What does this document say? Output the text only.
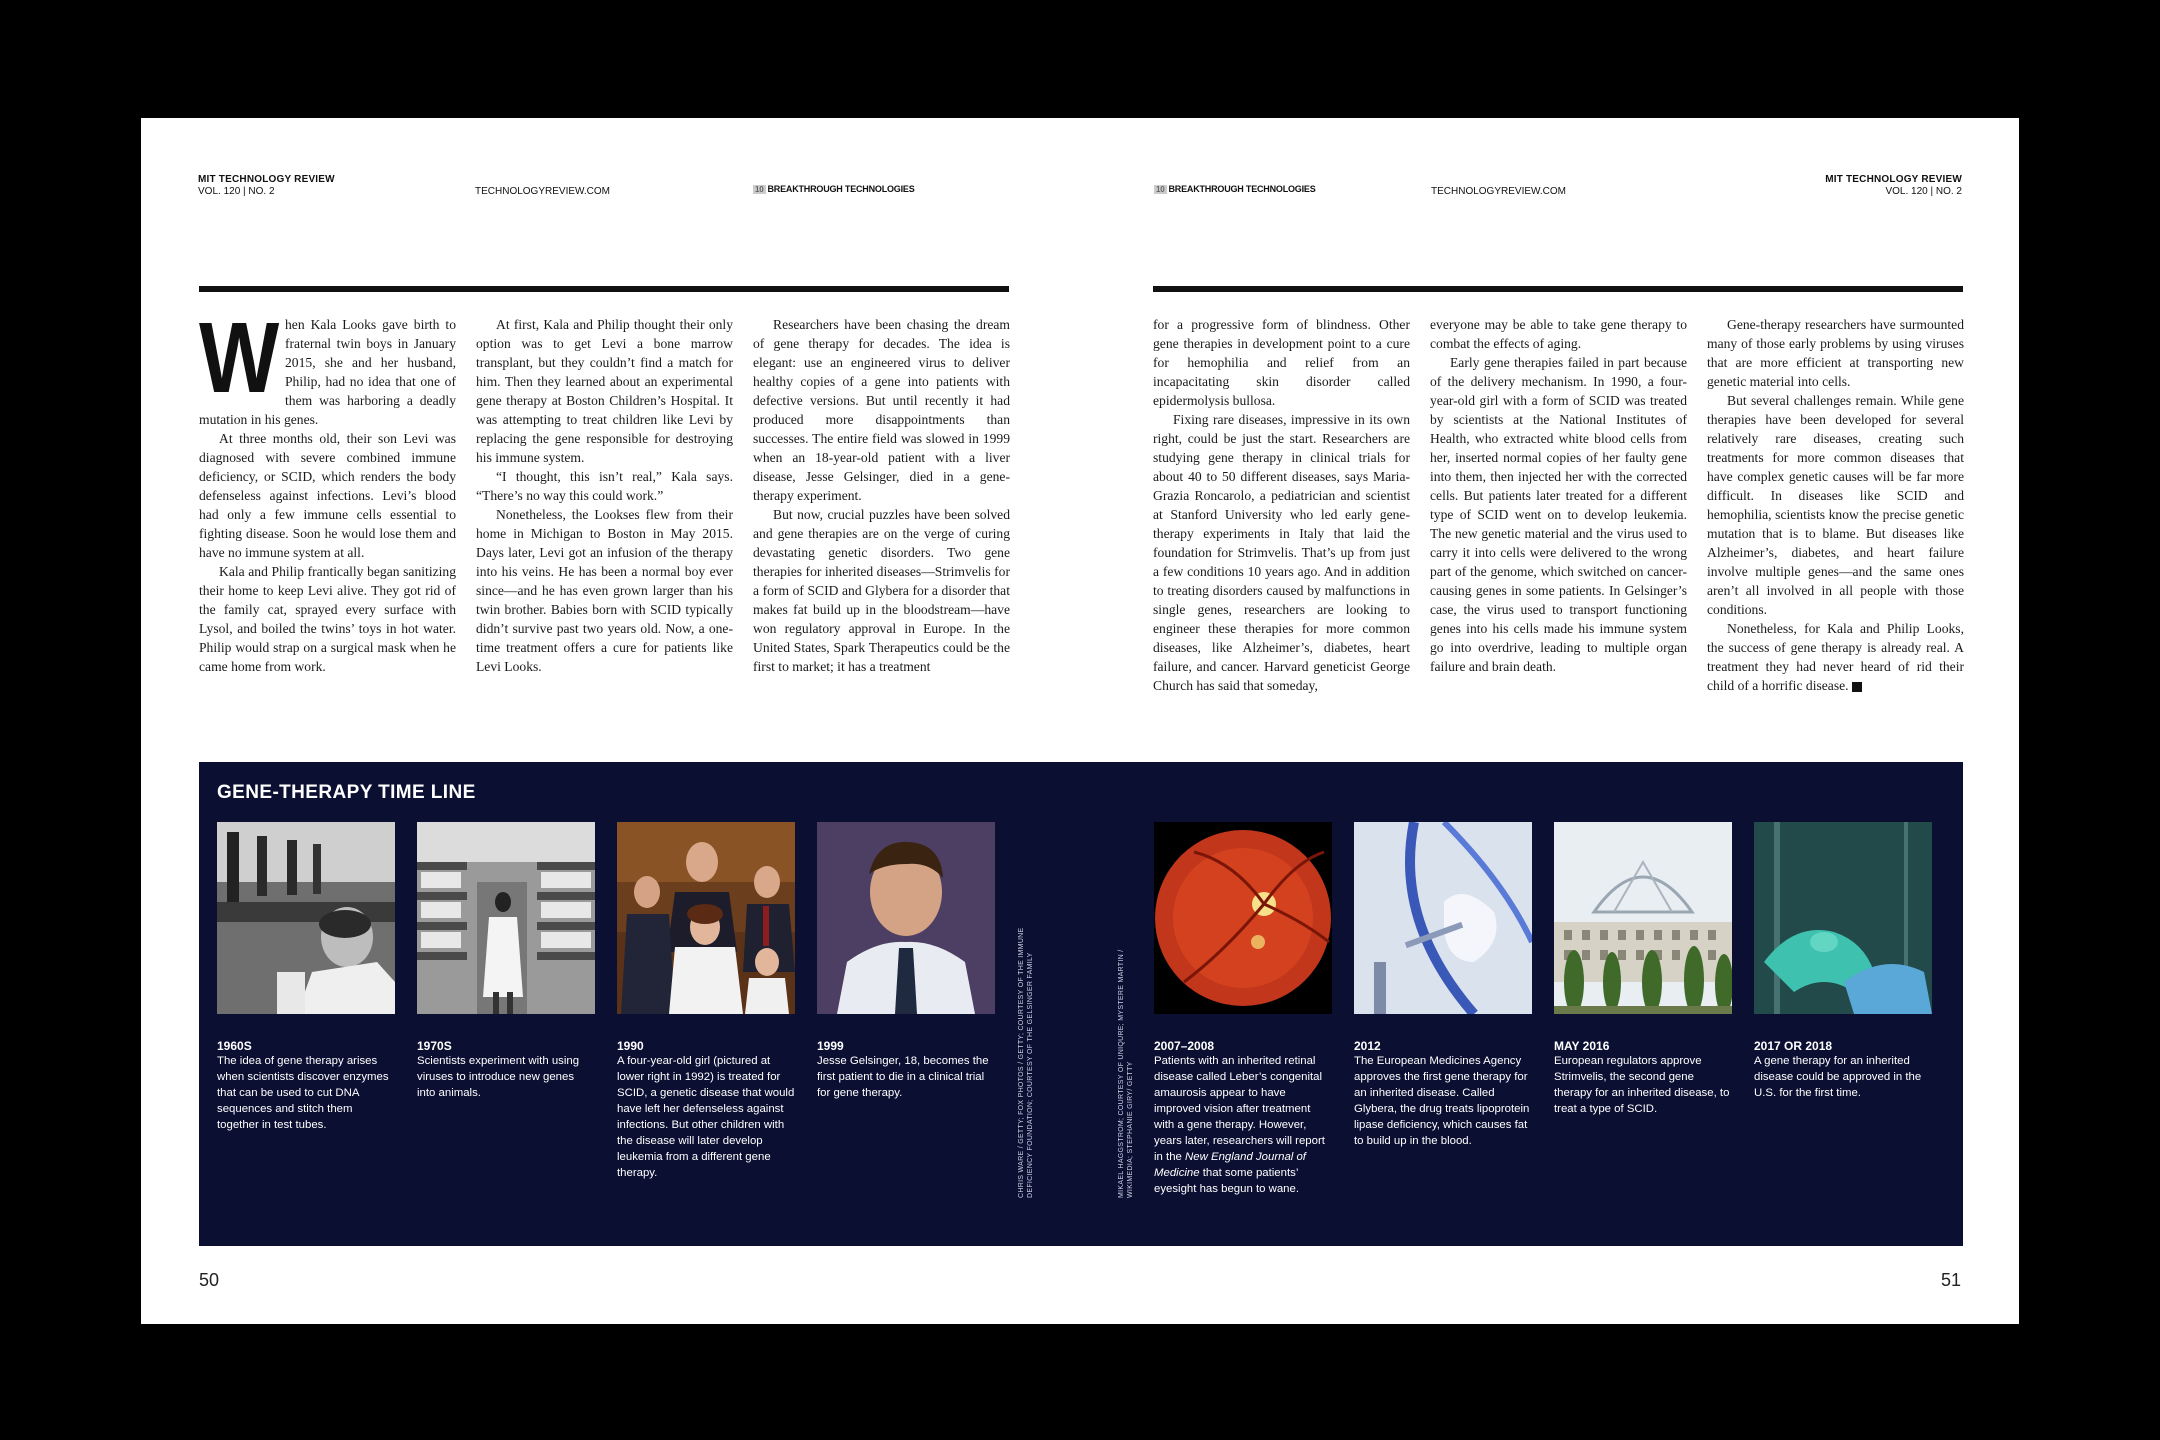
MIT TECHNOLOGY REVIEW
VOL. 120 | NO. 2	TECHNOLOGYREVIEW.COM	10 BREAKTHROUGH TECHNOLOGIES	10 BREAKTHROUGH TECHNOLOGIES	TECHNOLOGYREVIEW.COM
MIT TECHNOLOGY REVIEW
VOL. 120 | NO. 2

When Kala Looks gave birth to fraternal twin boys in January 2015, she and her husband, Philip, had no idea that one of them was harboring a deadly mutation in his genes.

At three months old, their son Levi was diagnosed with severe combined immune deficiency, or SCID, which renders the body defenseless against infections. Levi’s blood had only a few immune cells essential to fighting disease. Soon he would lose them and have no immune system at all.

Kala and Philip frantically began sanitizing their home to keep Levi alive. They got rid of the family cat, sprayed every surface with Lysol, and boiled the twins’ toys in hot water. Philip would strap on a surgical mask when he came home from work.

At first, Kala and Philip thought their only option was to get Levi a bone marrow transplant, but they couldn’t find a match for him. Then they learned about an experimental gene therapy at Boston Children’s Hospital. It was attempting to treat children like Levi by replacing the gene responsible for destroying his immune system.

“I thought, this isn’t real,” Kala says. “There’s no way this could work.”

Nonetheless, the Lookses flew from their home in Michigan to Boston in May 2015. Days later, Levi got an infusion of the therapy into his veins. He has been a normal boy ever since—and he has even grown larger than his twin brother. Babies born with SCID typically didn’t survive past two years old. Now, a one-time treatment offers a cure for patients like Levi Looks.

Researchers have been chasing the dream of gene therapy for decades. The idea is elegant: use an engineered virus to deliver healthy copies of a gene into patients with defective versions. But until recently it had produced more disappointments than successes. The entire field was slowed in 1999 when an 18-year-old patient with a liver disease, Jesse Gelsinger, died in a gene-therapy experiment.

But now, crucial puzzles have been solved and gene therapies are on the verge of curing devastating genetic disorders. Two gene therapies for inherited diseases—Strimvelis for a form of SCID and Glybera for a disorder that makes fat build up in the bloodstream—have won regulatory approval in Europe. In the United States, Spark Therapeutics could be the first to market; it has a treatment

for a progressive form of blindness. Other gene therapies in development point to a cure for hemophilia and relief from an incapacitating skin disorder called epidermolysis bullosa.

Fixing rare diseases, impressive in its own right, could be just the start. Researchers are studying gene therapy in clinical trials for about 40 to 50 different diseases, says Maria-Grazia Roncarolo, a pediatrician and scientist at Stanford University who led early gene-therapy experiments in Italy that laid the foundation for Strimvelis. That’s up from just a few conditions 10 years ago. And in addition to treating disorders caused by malfunctions in single genes, researchers are looking to engineer these therapies for more common diseases, like Alzheimer’s, diabetes, heart failure, and cancer. Harvard geneticist George Church has said that someday,

everyone may be able to take gene therapy to combat the effects of aging.

Early gene therapies failed in part because of the delivery mechanism. In 1990, a four-year-old girl with a form of SCID was treated by scientists at the National Institutes of Health, who extracted white blood cells from her, inserted normal copies of her faulty gene into them, then injected her with the corrected cells. But patients later treated for a different type of SCID went on to develop leukemia. The new genetic material and the virus used to carry it into cells were delivered to the wrong part of the genome, which switched on cancer-causing genes in some patients. In Gelsinger’s case, the virus used to transport functioning genes into his cells made his immune system go into overdrive, leading to multiple organ failure and brain death.

Gene-therapy researchers have surmounted many of those early problems by using viruses that are more efficient at transporting new genetic material into cells.

But several challenges remain. While gene therapies have been developed for several relatively rare diseases, creating such treatments for more common diseases that have complex genetic causes will be far more difficult. In diseases like SCID and hemophilia, scientists know the precise genetic mutation that is to blame. But diseases like Alzheimer’s, diabetes, and heart failure involve multiple genes—and the same ones aren’t all involved in all people with those conditions.

Nonetheless, for Kala and Philip Looks, the success of gene therapy is already real. A treatment they had never heard of rid their child of a horrific disease.	+

GENE-THERAPY TIME LINE
1960S
The idea of gene therapy arises when scientists discover enzymes that can be used to cut DNA sequences and stitch them together in test tubes.
1970S
Scientists experiment with using viruses to introduce new genes into animals.
1990
A four-year-old girl (pictured at lower right in 1992) is treated for SCID, a genetic disease that would have left her defenseless against infections. But other children with the disease will later develop leukemia from a different gene therapy.
1999
Jesse Gelsinger, 18, becomes the first patient to die in a clinical trial for gene therapy.	CHRIS WARE / GETTY; FOX PHOTOS / GETTY; COURTESY OF THE IMMUNE DEFICIENCY FOUNDATION; COURTESY OF THE GELSINGER FAMILY	MIKAEL HAGGSTROM; COURTESY OF UNIQURE; MYSTERE MARTIN / WIKIMEDIA; STEPHANIE GIRY/ GETTY
2007–2008
Patients with an inherited retinal disease called Leber’s congenital amaurosis appear to have improved vision after treatment with a gene therapy. However, years later, researchers will report in the New England Journal of Medicine that some patients’ eyesight has begun to wane.
2012
The European Medicines Agency approves the first gene therapy for an inherited disease. Called Glybera, the drug treats lipoprotein lipase deficiency, which causes fat to build up in the blood.
MAY 2016
European regulators approve Strimvelis, the second gene therapy for an inherited disease, to treat a type of SCID.
2017 OR 2018
A gene therapy for an inherited disease could be approved in the U.S. for the first time.
50	51
